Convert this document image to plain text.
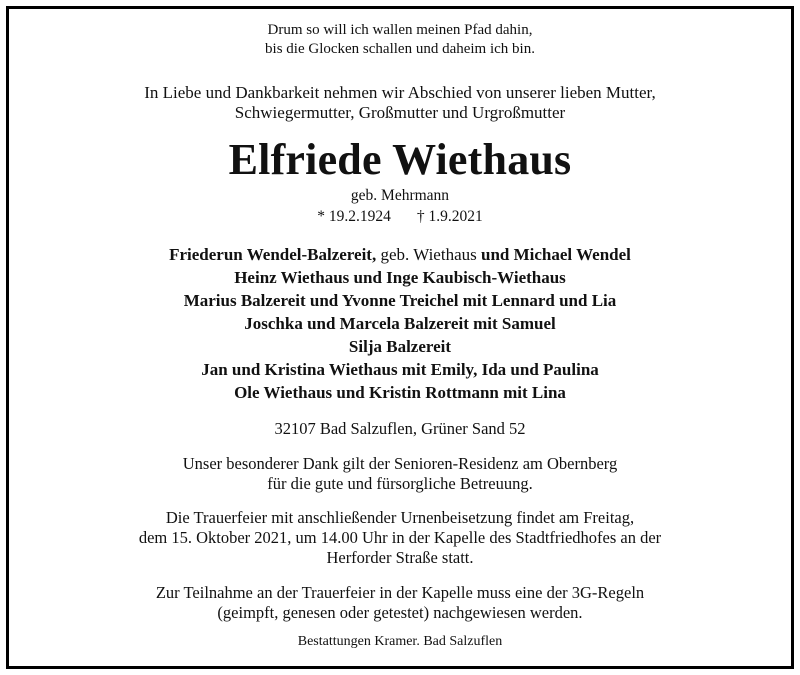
Drum so will ich wallen meinen Pfad dahin,
bis die Glocken schallen und daheim ich bin.
In Liebe und Dankbarkeit nehmen wir Abschied von unserer lieben Mutter,
Schwiegermutter, Großmutter und Urgroßmutter
Elfriede Wiethaus
geb. Mehrmann
* 19.2.1924 † 1.9.2021
Friederun Wendel-Balzereit, geb. Wiethaus und Michael Wendel
Heinz Wiethaus und Inge Kaubisch-Wiethaus
Marius Balzereit und Yvonne Treichel mit Lennard und Lia
Joschka und Marcela Balzereit mit Samuel
Silja Balzereit
Jan und Kristina Wiethaus mit Emily, Ida und Paulina
Ole Wiethaus und Kristin Rottmann mit Lina
32107 Bad Salzuflen, Grüner Sand 52
Unser besonderer Dank gilt der Senioren-Residenz am Obernberg
für die gute und fürsorgliche Betreuung.
Die Trauerfeier mit anschließender Urnenbeisetzung findet am Freitag,
dem 15. Oktober 2021, um 14.00 Uhr in der Kapelle des Stadtfriedhofes an der
Herforder Straße statt.
Zur Teilnahme an der Trauerfeier in der Kapelle muss eine der 3G-Regeln
(geimpft, genesen oder getestet) nachgewiesen werden.
Bestattungen Kramer. Bad Salzuflen
